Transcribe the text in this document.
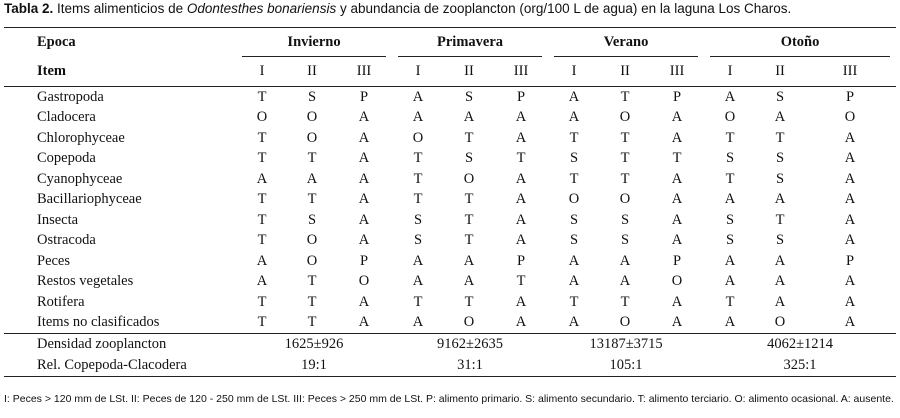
Tabla 2. Items alimenticios de Odontesthes bonariensis y abundancia de zooplancton (org/100 L de agua) en la laguna Los Charos.
Epoca	Invierno			Primavera			Verano			Otoño		

Item	I	II	III	I	II	III	I	II	III	I	II	III
Gastropoda	T	S	P	A	S	P	A	T	P	A	S	P
Cladocera	O	O	A	A	A	A	A	O	A	O	A	O
Chlorophyceae	T	O	A	O	T	A	T	T	A	T	T	A
Copepoda	T	T	A	T	S	T	S	T	T	S	S	A
Cyanophyceae	A	A	A	T	O	A	T	T	A	T	S	A
Bacillariophyceae	T	T	A	T	T	A	O	O	A	A	A	A
Insecta	T	S	A	S	T	A	S	S	A	S	T	A
Ostracoda	T	O	A	S	T	A	S	S	A	S	S	A
Peces	A	O	P	A	A	P	A	A	P	A	A	P
Restos vegetales	A	T	O	A	A	T	A	A	O	A	A	A
Rotifera	T	T	A	T	T	A	T	T	A	T	A	A
Items no clasificados	T	T	A	A	O	A	A	O	A	A	O	A
Densidad zooplancton	1625±926			9162±2635			13187±3715			4062±1214		

Rel. Copepoda-Clacodera	19:1			31:1			105:1			325:1		
I: Peces > 120 mm de LSt. II: Peces de 120 - 250 mm de LSt. III: Peces > 250 mm de LSt. P: alimento primario. S: alimento secundario. T: alimento terciario. O: alimento ocasional. A: ausente.
